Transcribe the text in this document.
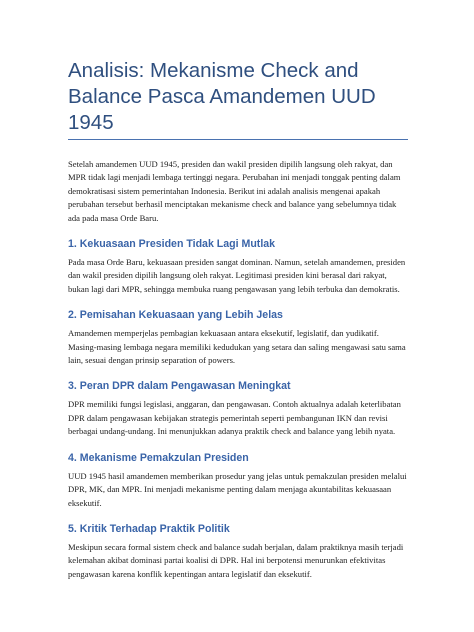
Analisis: Mekanisme Check and Balance Pasca Amandemen UUD 1945

Setelah amandemen UUD 1945, presiden dan wakil presiden dipilih langsung oleh rakyat, dan MPR tidak lagi menjadi lembaga tertinggi negara. Perubahan ini menjadi tonggak penting dalam demokratisasi sistem pemerintahan Indonesia. Berikut ini adalah analisis mengenai apakah perubahan tersebut berhasil menciptakan mekanisme check and balance yang sebelumnya tidak ada pada masa Orde Baru.

1. Kekuasaan Presiden Tidak Lagi Mutlak

Pada masa Orde Baru, kekuasaan presiden sangat dominan. Namun, setelah amandemen, presiden dan wakil presiden dipilih langsung oleh rakyat. Legitimasi presiden kini berasal dari rakyat, bukan lagi dari MPR, sehingga membuka ruang pengawasan yang lebih terbuka dan demokratis.

2. Pemisahan Kekuasaan yang Lebih Jelas

Amandemen memperjelas pembagian kekuasaan antara eksekutif, legislatif, dan yudikatif. Masing-masing lembaga negara memiliki kedudukan yang setara dan saling mengawasi satu sama lain, sesuai dengan prinsip separation of powers.

3. Peran DPR dalam Pengawasan Meningkat

DPR memiliki fungsi legislasi, anggaran, dan pengawasan. Contoh aktualnya adalah keterlibatan DPR dalam pengawasan kebijakan strategis pemerintah seperti pembangunan IKN dan revisi berbagai undang-undang. Ini menunjukkan adanya praktik check and balance yang lebih nyata.

4. Mekanisme Pemakzulan Presiden

UUD 1945 hasil amandemen memberikan prosedur yang jelas untuk pemakzulan presiden melalui DPR, MK, dan MPR. Ini menjadi mekanisme penting dalam menjaga akuntabilitas kekuasaan eksekutif.

5. Kritik Terhadap Praktik Politik

Meskipun secara formal sistem check and balance sudah berjalan, dalam praktiknya masih terjadi kelemahan akibat dominasi partai koalisi di DPR. Hal ini berpotensi menurunkan efektivitas pengawasan karena konflik kepentingan antara legislatif dan eksekutif.
